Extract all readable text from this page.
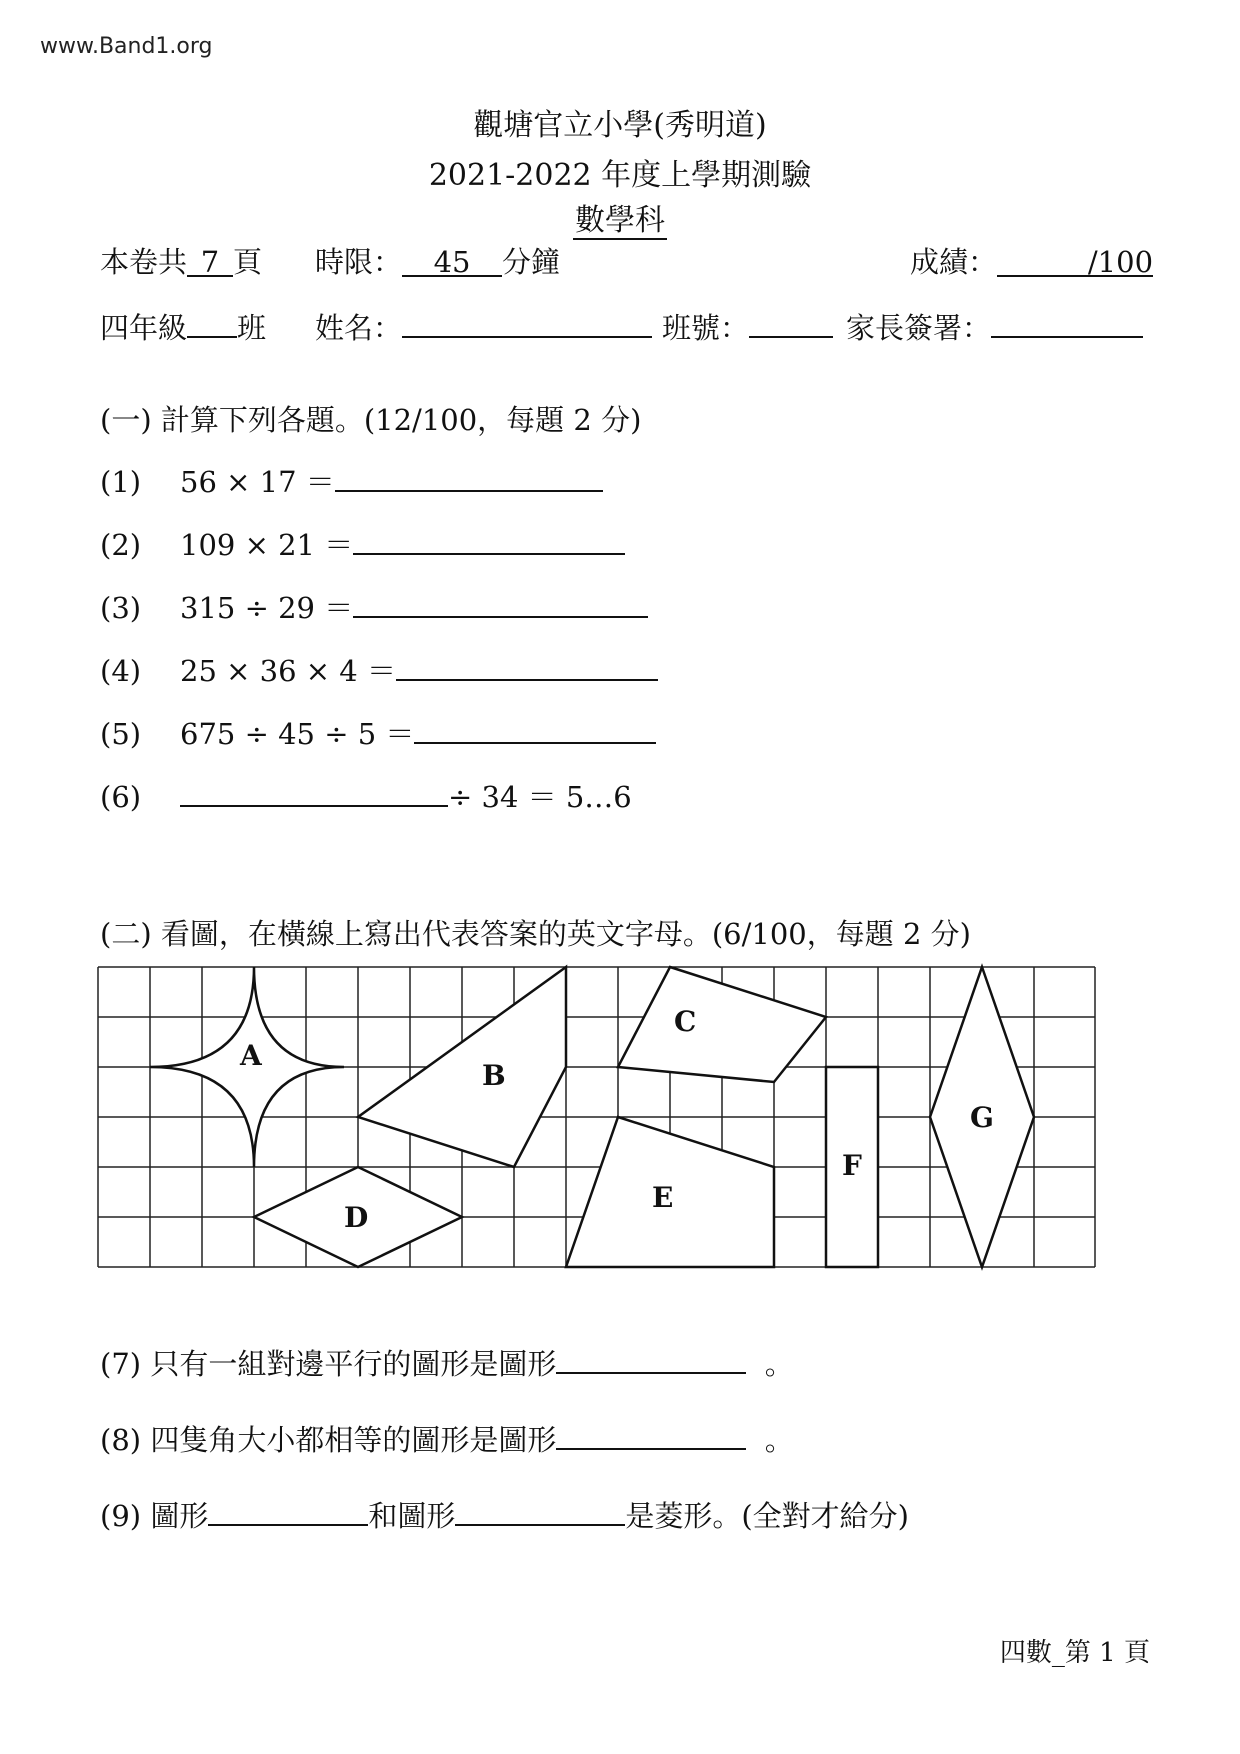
www.Band1.org
觀塘官立小學(秀明道)
2021-2022 年度上學期測驗
數學科
本卷共 7 頁 時限： 45 分鐘	成績：	/100
四年級 班 姓名：	班號：	家長簽署：
(一) 計算下列各題。(12/100，每題 2 分)
(1) 56 × 17 ＝
(2) 109 × 21 ＝
(3) 315 ÷ 29 ＝
(4) 25 × 36 × 4 ＝
(5) 675 ÷ 45 ÷ 5 ＝
(6)	÷ 34 ＝ 5…6
(二) 看圖，在橫線上寫出代表答案的英文字母。(6/100，每題 2 分)
A
B
C
D
E
F
G
(7) 只有一組對邊平行的圖形是圖形	。
(8) 四隻角大小都相等的圖形是圖形	。
(9) 圖形	和圖形	是菱形。(全對才給分)
四數_第 1 頁
